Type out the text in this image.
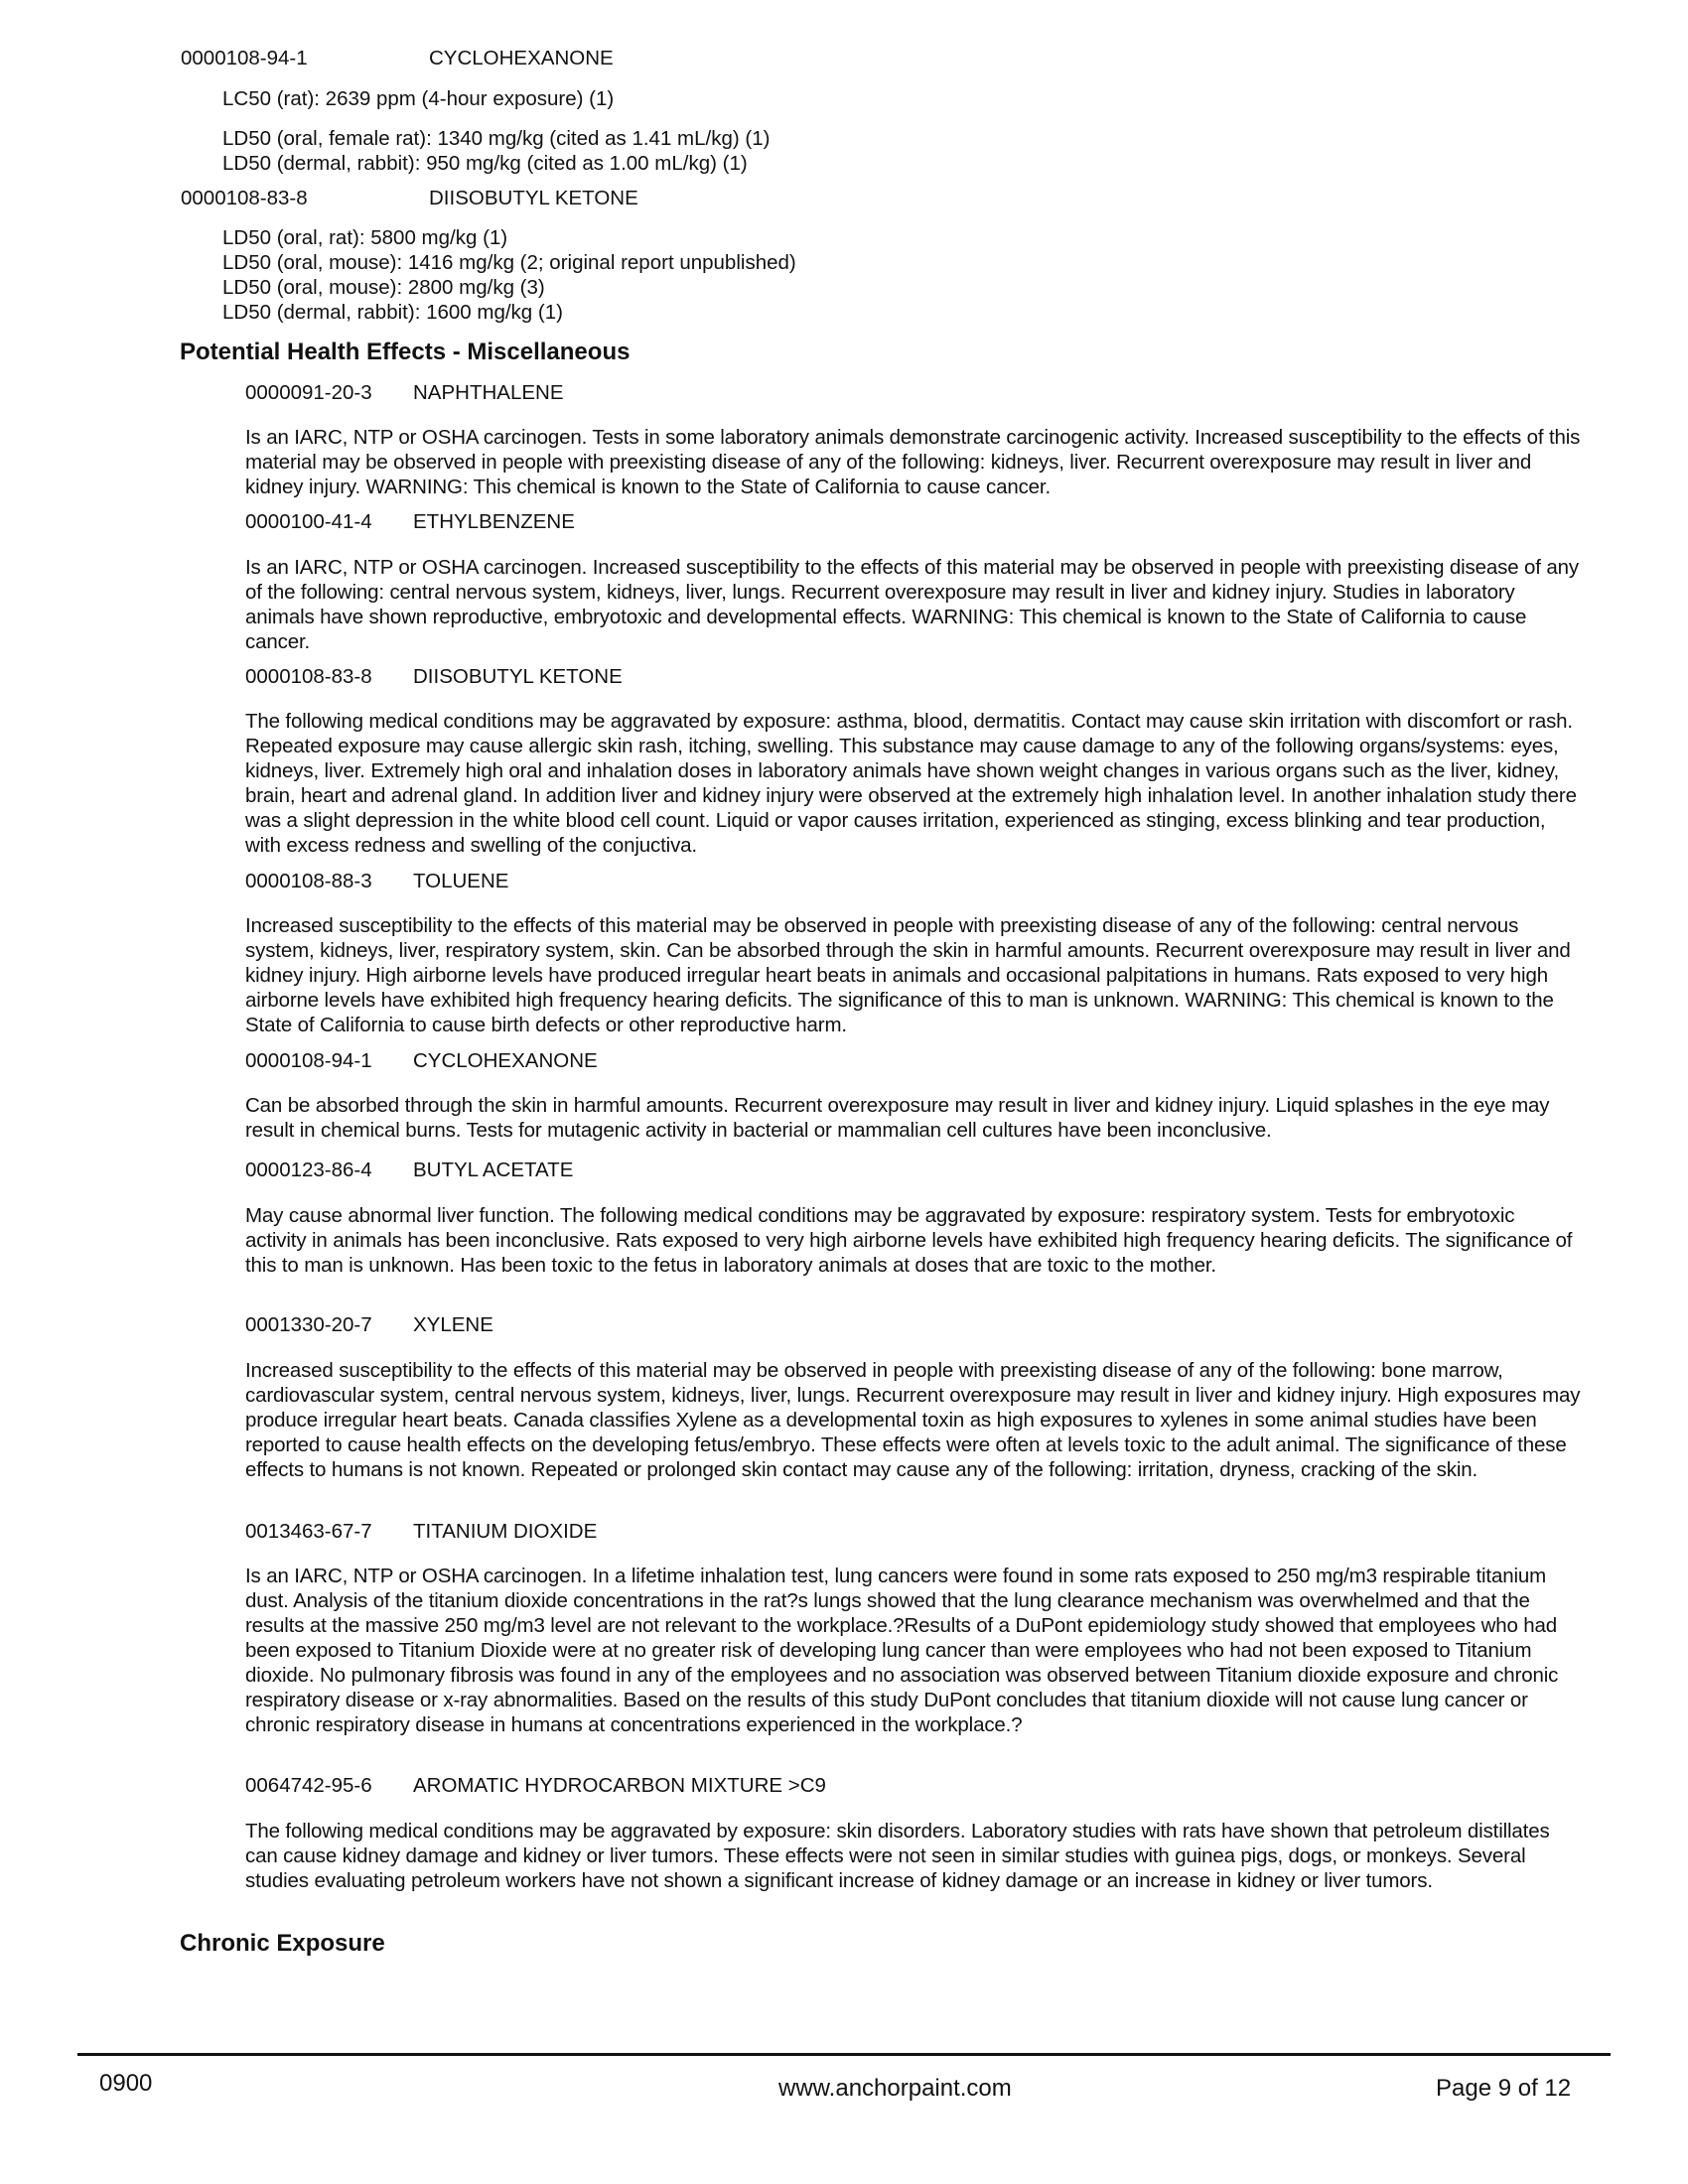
0000108-94-1	CYCLOHEXANONE
LC50 (rat): 2639 ppm (4-hour exposure) (1)
LD50 (oral, female rat): 1340 mg/kg (cited as 1.41 mL/kg) (1)
LD50 (dermal, rabbit): 950 mg/kg (cited as 1.00 mL/kg) (1)
0000108-83-8	DIISOBUTYL KETONE
LD50 (oral, rat): 5800 mg/kg (1)
LD50 (oral, mouse): 1416 mg/kg (2; original report unpublished)
LD50 (oral, mouse): 2800 mg/kg (3)
LD50 (dermal, rabbit): 1600 mg/kg (1)
Potential Health Effects - Miscellaneous
0000091-20-3 NAPHTHALENE
Is an IARC, NTP or OSHA carcinogen. Tests in some laboratory animals demonstrate carcinogenic activity. Increased susceptibility to the effects of this material may be observed in people with preexisting disease of any of the following: kidneys, liver. Recurrent overexposure may result in liver and kidney injury. WARNING: This chemical is known to the State of California to cause cancer.
0000100-41-4 ETHYLBENZENE
Is an IARC, NTP or OSHA carcinogen. Increased susceptibility to the effects of this material may be observed in people with preexisting disease of any of the following: central nervous system, kidneys, liver, lungs. Recurrent overexposure may result in liver and kidney injury. Studies in laboratory animals have shown reproductive, embryotoxic and developmental effects. WARNING: This chemical is known to the State of California to cause cancer.
0000108-83-8 DIISOBUTYL KETONE
The following medical conditions may be aggravated by exposure: asthma, blood, dermatitis. Contact may cause skin irritation with discomfort or rash. Repeated exposure may cause allergic skin rash, itching, swelling. This substance may cause damage to any of the following organs/systems: eyes, kidneys, liver. Extremely high oral and inhalation doses in laboratory animals have shown weight changes in various organs such as the liver, kidney, brain, heart and adrenal gland. In addition liver and kidney injury were observed at the extremely high inhalation level. In another inhalation study there was a slight depression in the white blood cell count. Liquid or vapor causes irritation, experienced as stinging, excess blinking and tear production, with excess redness and swelling of the conjuctiva.
0000108-88-3 TOLUENE
Increased susceptibility to the effects of this material may be observed in people with preexisting disease of any of the following: central nervous system, kidneys, liver, respiratory system, skin. Can be absorbed through the skin in harmful amounts. Recurrent overexposure may result in liver and kidney injury. High airborne levels have produced irregular heart beats in animals and occasional palpitations in humans. Rats exposed to very high airborne levels have exhibited high frequency hearing deficits. The significance of this to man is unknown. WARNING: This chemical is known to the State of California to cause birth defects or other reproductive harm.
0000108-94-1 CYCLOHEXANONE
Can be absorbed through the skin in harmful amounts. Recurrent overexposure may result in liver and kidney injury. Liquid splashes in the eye may result in chemical burns. Tests for mutagenic activity in bacterial or mammalian cell cultures have been inconclusive.
0000123-86-4 BUTYL ACETATE
May cause abnormal liver function. The following medical conditions may be aggravated by exposure: respiratory system. Tests for embryotoxic activity in animals has been inconclusive. Rats exposed to very high airborne levels have exhibited high frequency hearing deficits. The significance of this to man is unknown. Has been toxic to the fetus in laboratory animals at doses that are toxic to the mother.
0001330-20-7 XYLENE
Increased susceptibility to the effects of this material may be observed in people with preexisting disease of any of the following: bone marrow, cardiovascular system, central nervous system, kidneys, liver, lungs. Recurrent overexposure may result in liver and kidney injury. High exposures may produce irregular heart beats. Canada classifies Xylene as a developmental toxin as high exposures to xylenes in some animal studies have been reported to cause health effects on the developing fetus/embryo. These effects were often at levels toxic to the adult animal. The significance of these effects to humans is not known. Repeated or prolonged skin contact may cause any of the following: irritation, dryness, cracking of the skin.
0013463-67-7 TITANIUM DIOXIDE
Is an IARC, NTP or OSHA carcinogen. In a lifetime inhalation test, lung cancers were found in some rats exposed to 250 mg/m3 respirable titanium dust. Analysis of the titanium dioxide concentrations in the rat?s lungs showed that the lung clearance mechanism was overwhelmed and that the results at the massive 250 mg/m3 level are not relevant to the workplace.?Results of a DuPont epidemiology study showed that employees who had been exposed to Titanium Dioxide were at no greater risk of developing lung cancer than were employees who had not been exposed to Titanium dioxide. No pulmonary fibrosis was found in any of the employees and no association was observed between Titanium dioxide exposure and chronic respiratory disease or x-ray abnormalities. Based on the results of this study DuPont concludes that titanium dioxide will not cause lung cancer or chronic respiratory disease in humans at concentrations experienced in the workplace.?
0064742-95-6 AROMATIC HYDROCARBON MIXTURE >C9
The following medical conditions may be aggravated by exposure: skin disorders. Laboratory studies with rats have shown that petroleum distillates can cause kidney damage and kidney or liver tumors. These effects were not seen in similar studies with guinea pigs, dogs, or monkeys. Several studies evaluating petroleum workers have not shown a significant increase of kidney damage or an increase in kidney or liver tumors.
Chronic Exposure
0900	www.anchorpaint.com	Page 9 of 12
